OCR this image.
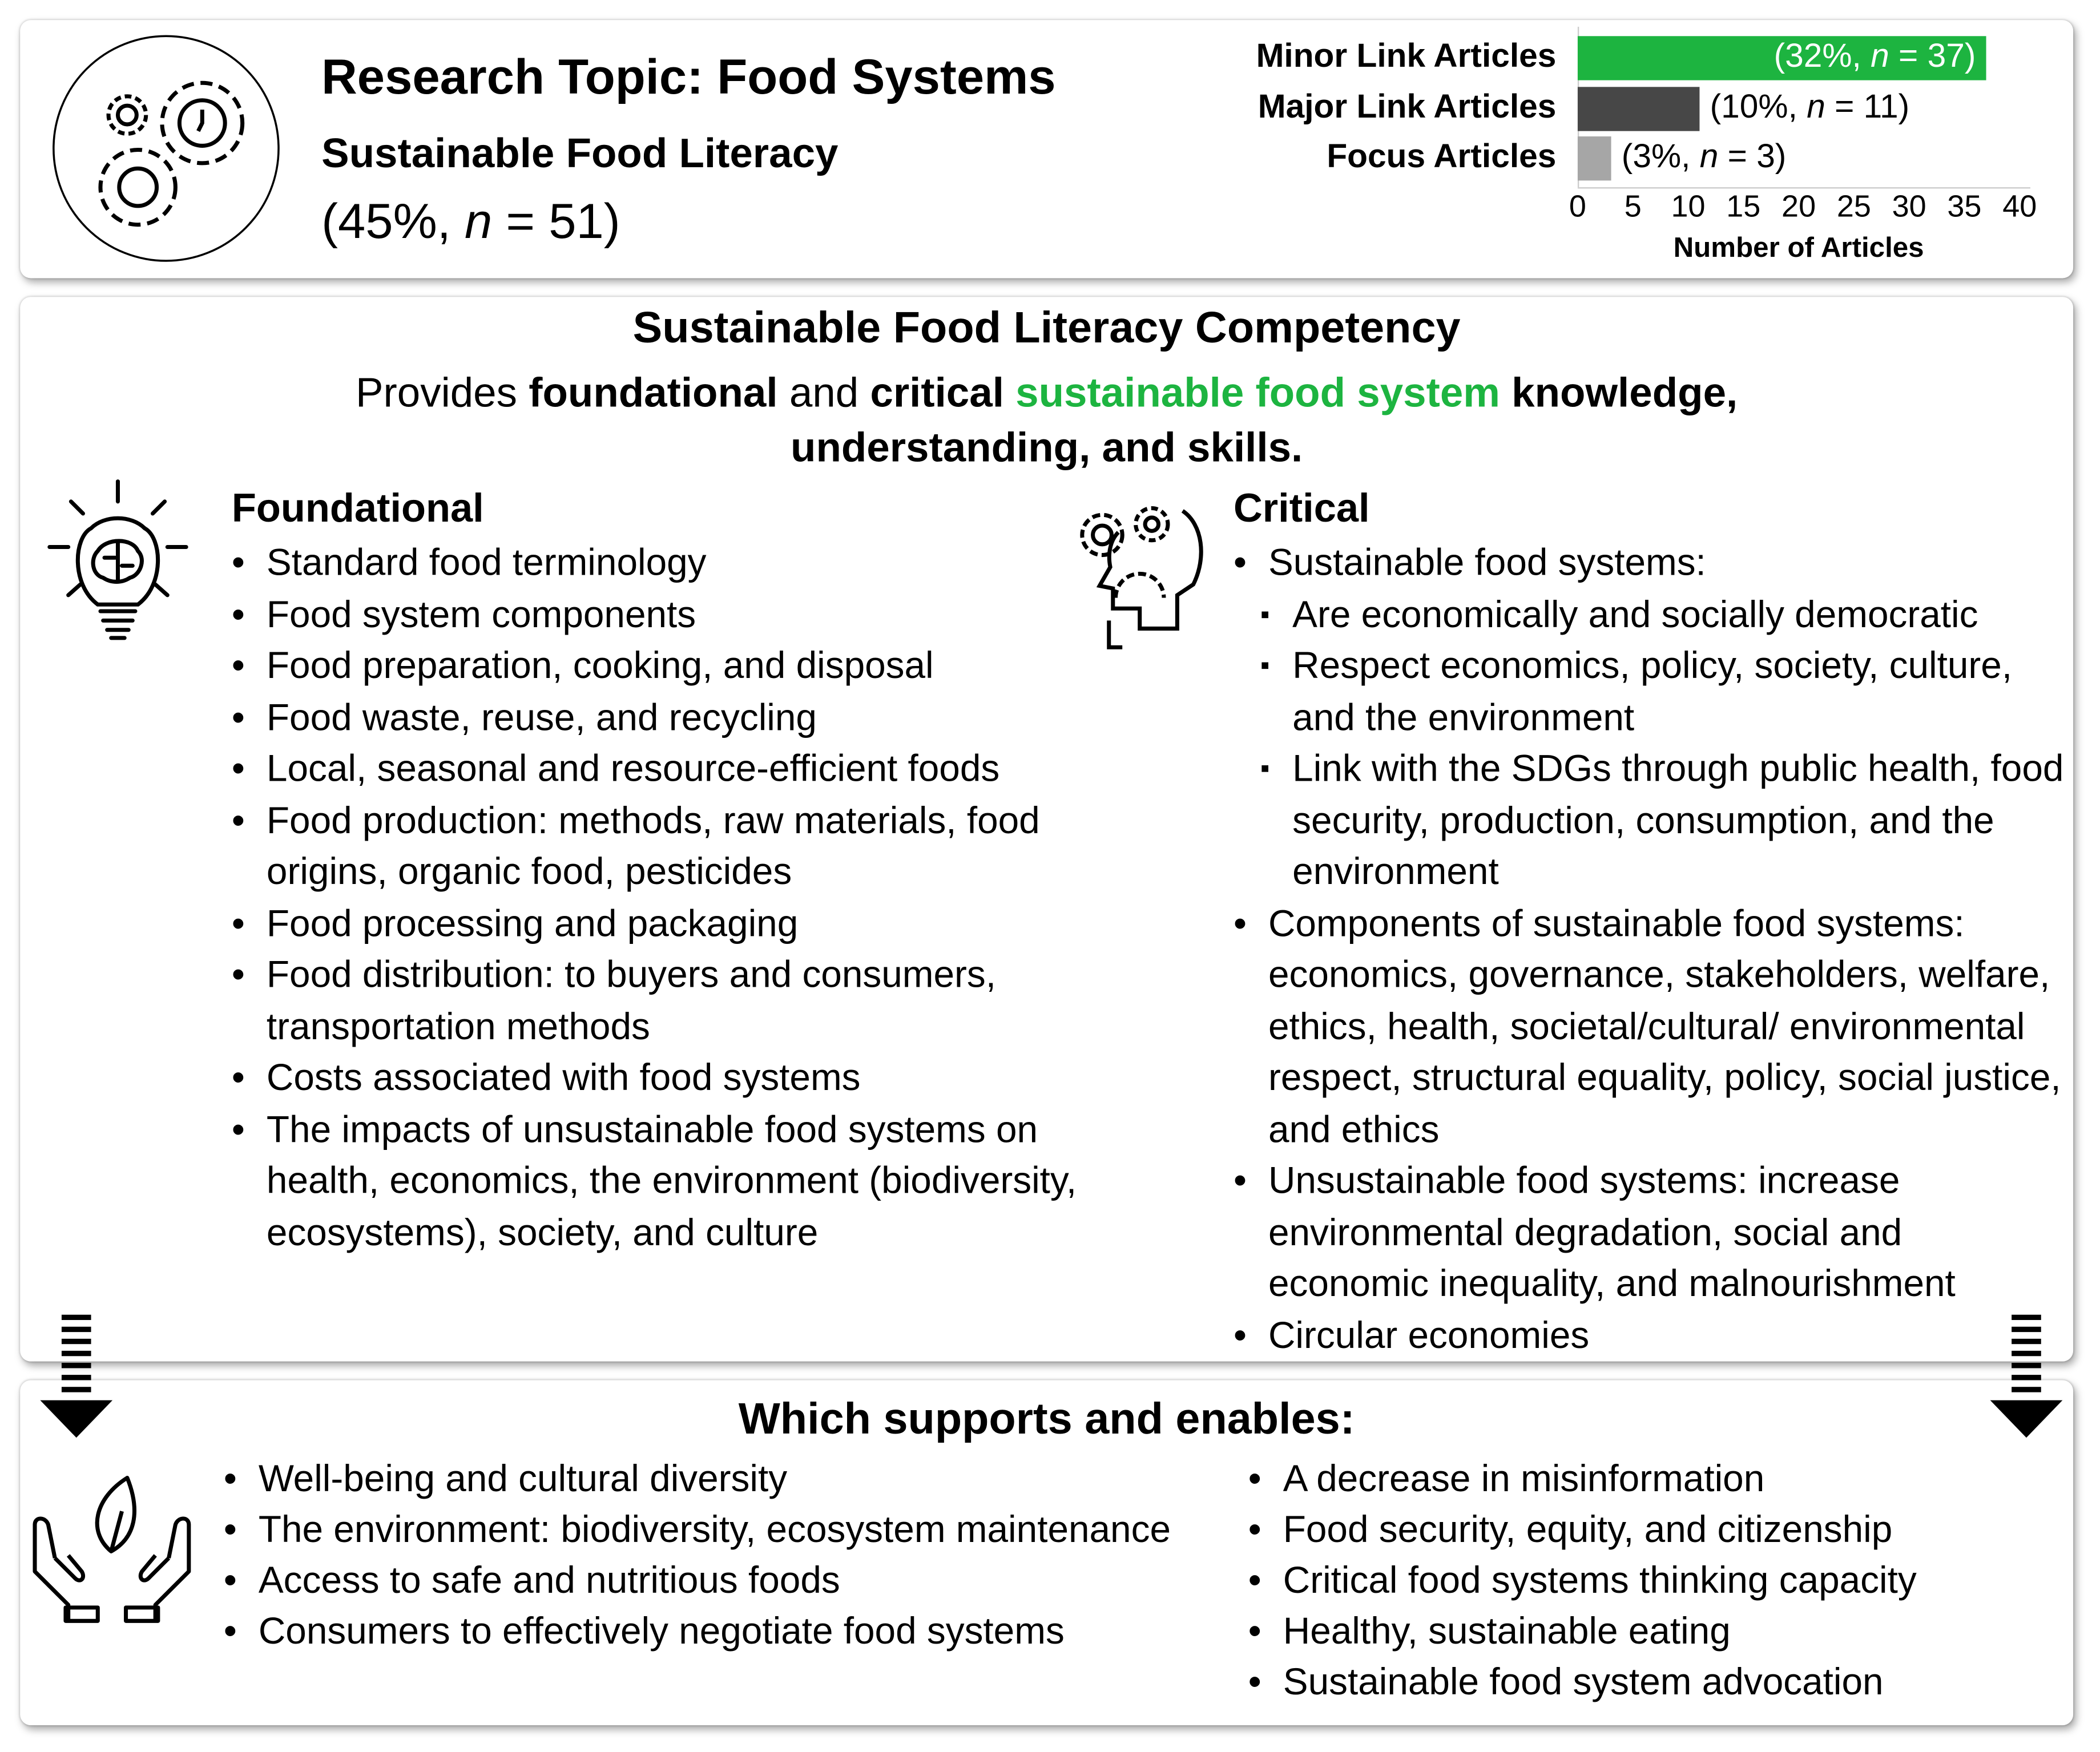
Research Topic: Food Systems
Sustainable Food Literacy
(45%, n = 51)
Minor Link Articles	(32%, n = 37)
Major Link Articles	(10%, n = 11)
Focus Articles	(3%, n = 3)
0	5	10	15	20	25	30	35	40
Number of Articles
Sustainable Food Literacy Competency
Provides foundational and critical sustainable food system knowledge,
understanding, and skills.
Foundational
• Standard food terminology
• Food system components
• Food preparation, cooking, and disposal
• Food waste, reuse, and recycling
• Local, seasonal and resource-efficient foods
• Food production: methods, raw materials, food origins, organic food, pesticides
• Food processing and packaging
• Food distribution: to buyers and consumers, transportation methods
• Costs associated with food systems
• The impacts of unsustainable food systems on health, economics, the environment (biodiversity, ecosystems), society, and culture
Critical
• Sustainable food systems:
▪ Are economically and socially democratic
▪ Respect economics, policy, society, culture, and the environment
▪ Link with the SDGs through public health, food security, production, consumption, and the environment
• Components of sustainable food systems: economics, governance, stakeholders, welfare, ethics, health, societal/cultural/ environmental respect, structural equality, policy, social justice, and ethics
• Unsustainable food systems: increase environmental degradation, social and economic inequality, and malnourishment
• Circular economies
Which supports and enables:
• Well-being and cultural diversity
• The environment: biodiversity, ecosystem maintenance
• Access to safe and nutritious foods
• Consumers to effectively negotiate food systems
• A decrease in misinformation
• Food security, equity, and citizenship
• Critical food systems thinking capacity
• Healthy, sustainable eating
• Sustainable food system advocation
